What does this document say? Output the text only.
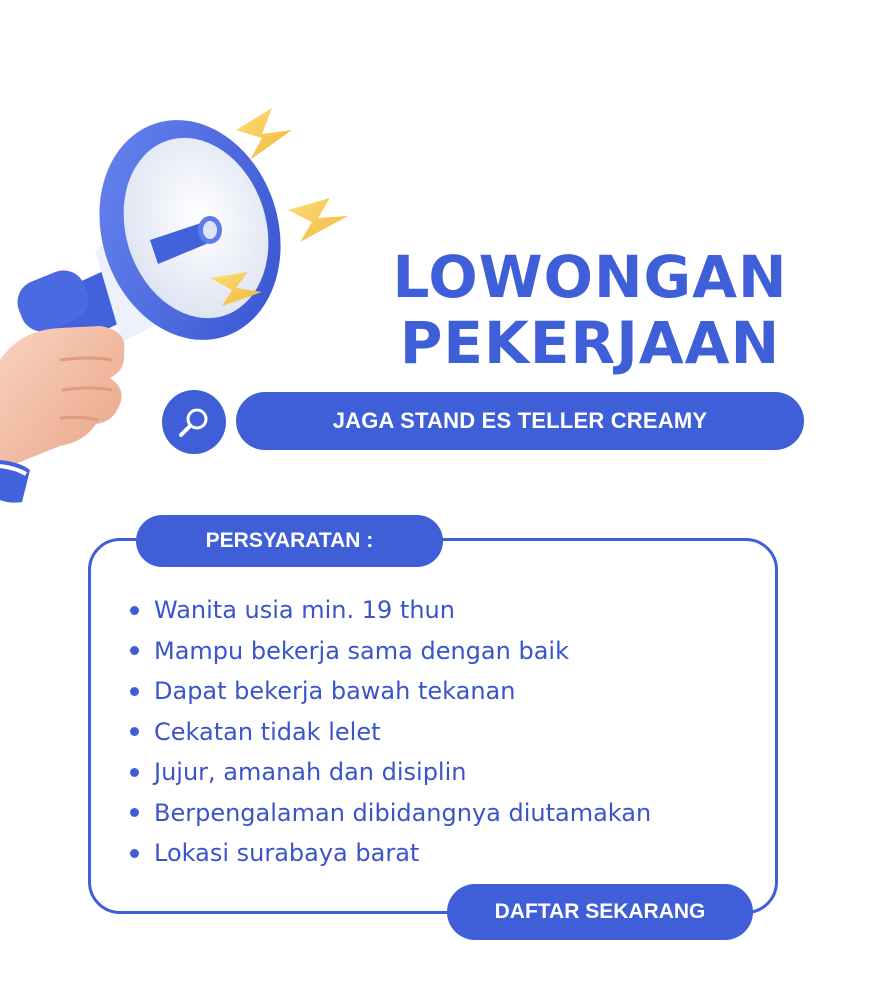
LOWONGAN
PEKERJAAN
JAGA STAND ES TELLER CREAMY
PERSYARATAN :
Wanita usia min. 19 thun
Mampu bekerja sama dengan baik
Dapat bekerja bawah tekanan
Cekatan tidak lelet
Jujur, amanah dan disiplin
Berpengalaman dibidangnya diutamakan
Lokasi surabaya barat
DAFTAR SEKARANG
